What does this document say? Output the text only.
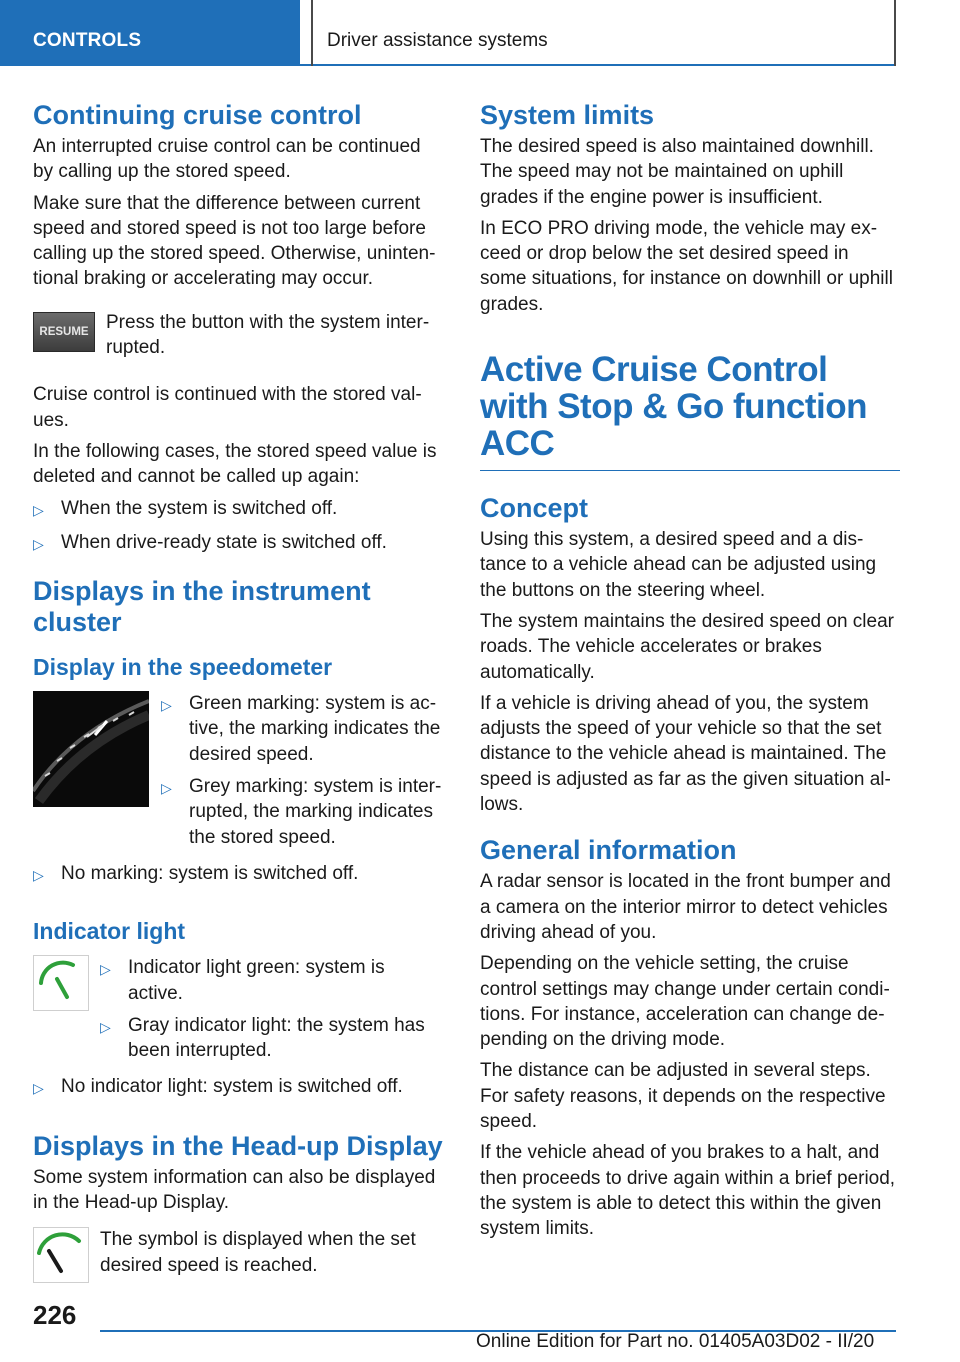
CONTROLS	Driver assistance systems
Continuing cruise control

An interrupted cruise control can be continued by calling up the stored speed.

Make sure that the difference between current speed and stored speed is not too large before calling up the stored speed. Otherwise, unintentional braking or accelerating may occur.

RESUME Press the button with the system interrupted.

Cruise control is continued with the stored values.

In the following cases, the stored speed value is deleted and cannot be called up again:

▷ When the system is switched off.
▷ When drive-ready state is switched off.
Displays in the instrument cluster
Display in the speedometer
▷ Green marking: system is active, the marking indicates the desired speed.
▷ Grey marking: system is interrupted, the marking indicates the stored speed.
▷ No marking: system is switched off.
Indicator light
▷ Indicator light green: system is active.
▷ Gray indicator light: the system has been interrupted.
▷ No indicator light: system is switched off.
Displays in the Head-up Display

Some system information can also be displayed in the Head-up Display.

The symbol is displayed when the set desired speed is reached.
System limits

The desired speed is also maintained downhill. The speed may not be maintained on uphill grades if the engine power is insufficient.

In ECO PRO driving mode, the vehicle may exceed or drop below the set desired speed in some situations, for instance on downhill or uphill grades.

Active Cruise Control with Stop & Go function ACC
Concept

Using this system, a desired speed and a distance to a vehicle ahead can be adjusted using the buttons on the steering wheel.

The system maintains the desired speed on clear roads. The vehicle accelerates or brakes automatically.

If a vehicle is driving ahead of you, the system adjusts the speed of your vehicle so that the set distance to the vehicle ahead is maintained. The speed is adjusted as far as the given situation allows.

General information

A radar sensor is located in the front bumper and a camera on the interior mirror to detect vehicles driving ahead of you.

Depending on the vehicle setting, the cruise control settings may change under certain conditions. For instance, acceleration can change depending on the driving mode.

The distance can be adjusted in several steps. For safety reasons, it depends on the respective speed.

If the vehicle ahead of you brakes to a halt, and then proceeds to drive again within a brief period, the system is able to detect this within the given system limits.

226
Online Edition for Part no. 01405A03D02 - II/20
